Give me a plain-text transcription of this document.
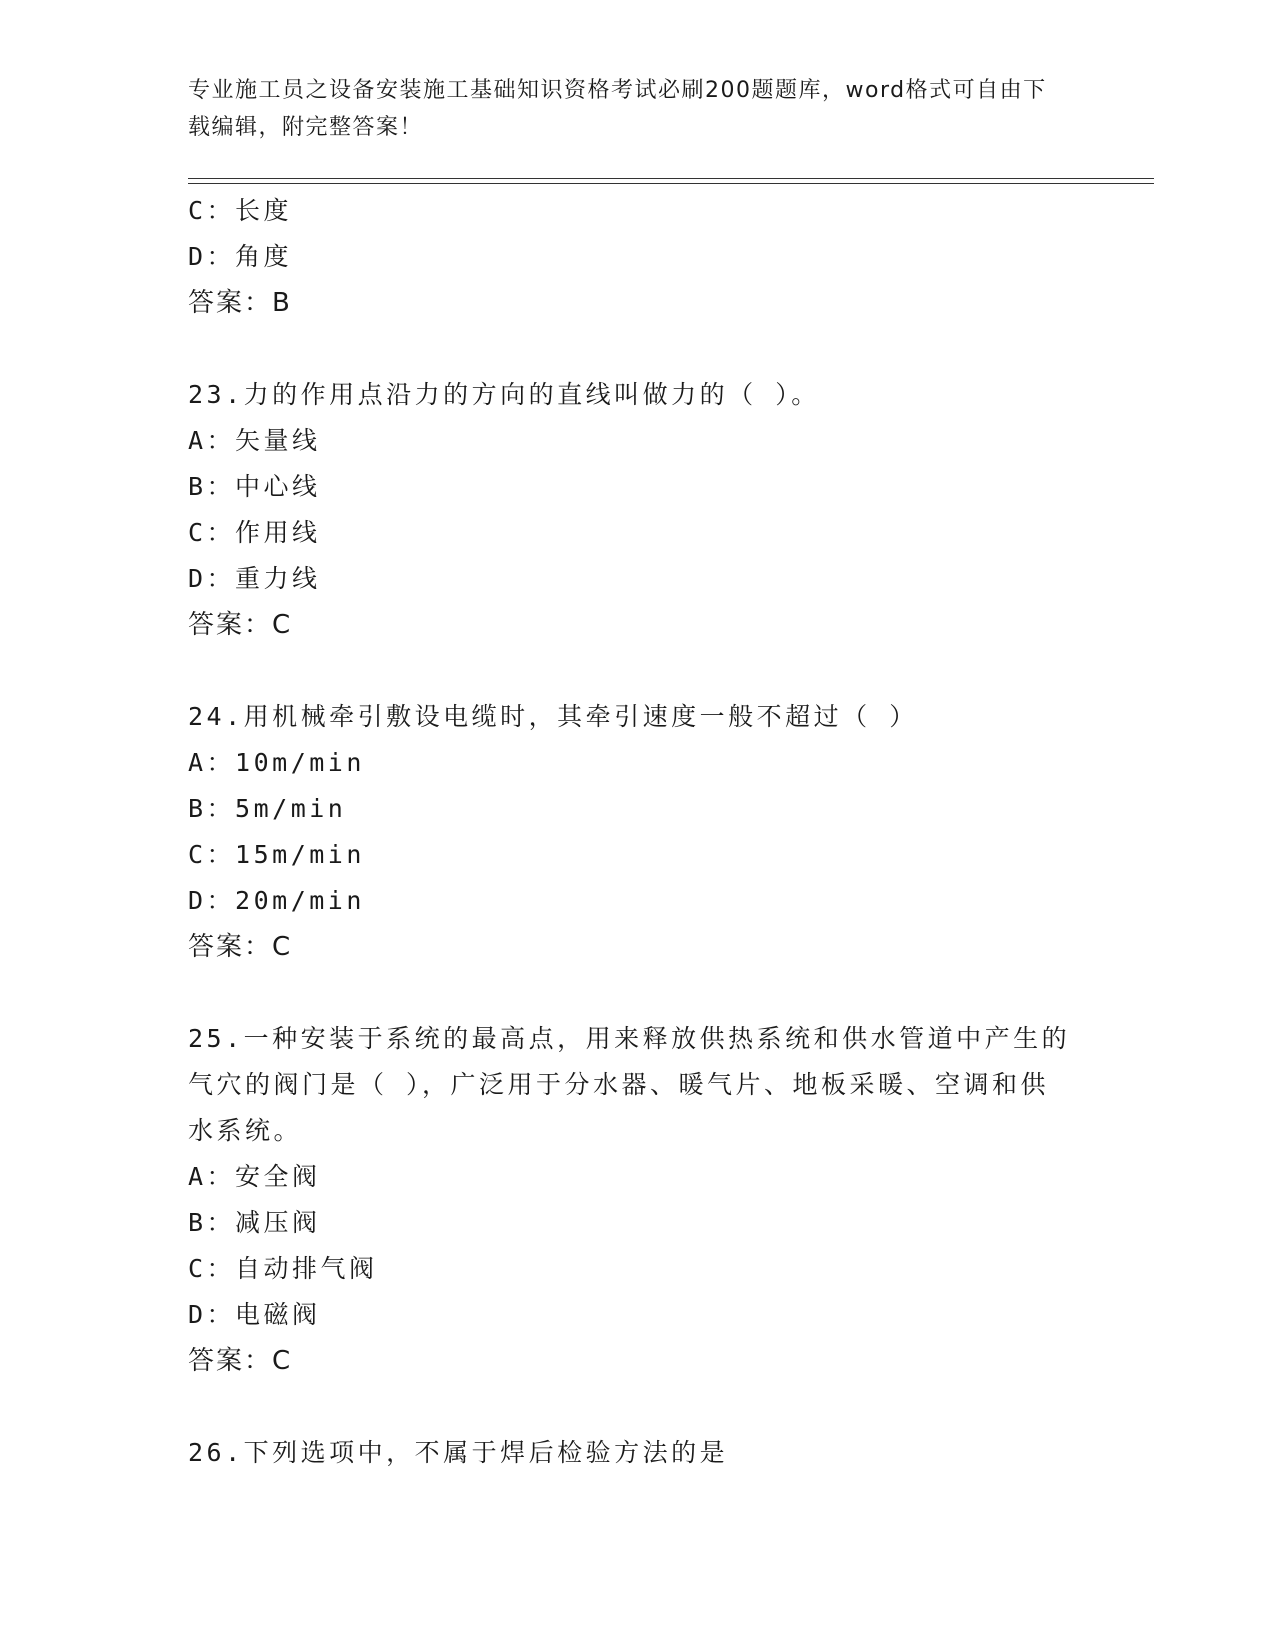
专业施工员之设备安装施工基础知识资格考试必刷200题题库，word格式可自由下载编辑，附完整答案！
C：长度
D：角度
答案：B
23.力的作用点沿力的方向的直线叫做力的（ ）。
A：矢量线
B：中心线
C：作用线
D：重力线
答案：C
24.用机械牵引敷设电缆时，其牵引速度一般不超过（ ）
A：10m/min
B：5m/min
C：15m/min
D：20m/min
答案：C
25.一种安装于系统的最高点，用来释放供热系统和供水管道中产生的
气穴的阀门是（ ），广泛用于分水器、暖气片、地板采暖、空调和供
水系统。
A：安全阀
B：减压阀
C：自动排气阀
D：电磁阀
答案：C
26.下列选项中，不属于焊后检验方法的是
